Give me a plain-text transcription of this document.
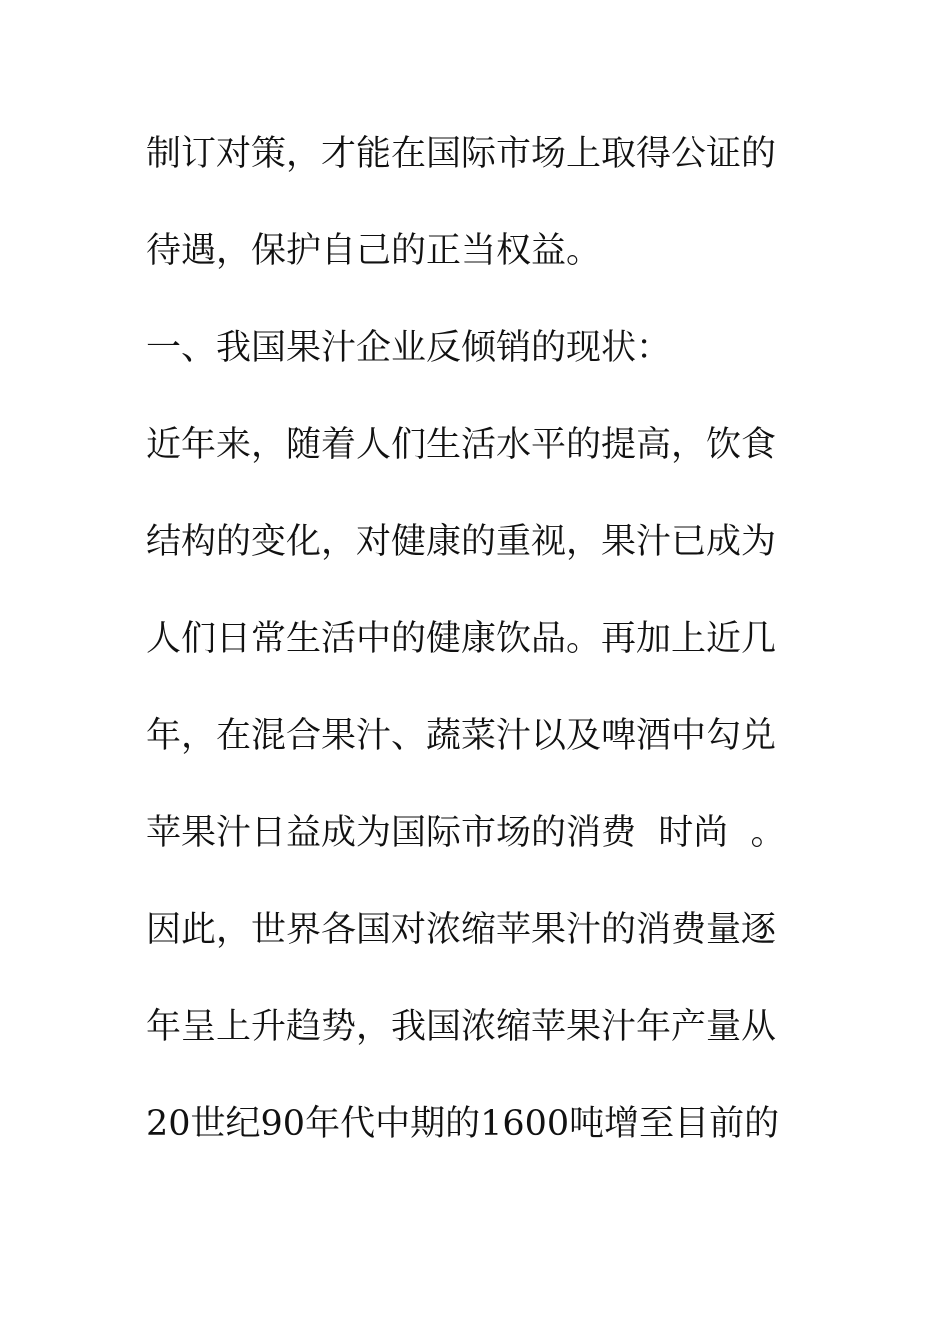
制订对策，才能在国际市场上取得公证的
待遇，保护自己的正当权益。
一、我国果汁企业反倾销的现状：
近年来，随着人们生活水平的提高，饮食
结构的变化，对健康的重视，果汁已成为
人们日常生活中的健康饮品。再加上近几
年，在混合果汁、蔬菜汁以及啤酒中勾兑
苹果汁日益成为国际市场的消费  时尚  。
因此，世界各国对浓缩苹果汁的消费量逐
年呈上升趋势，我国浓缩苹果汁年产量从
20世纪90年代中期的1600吨增至目前的
